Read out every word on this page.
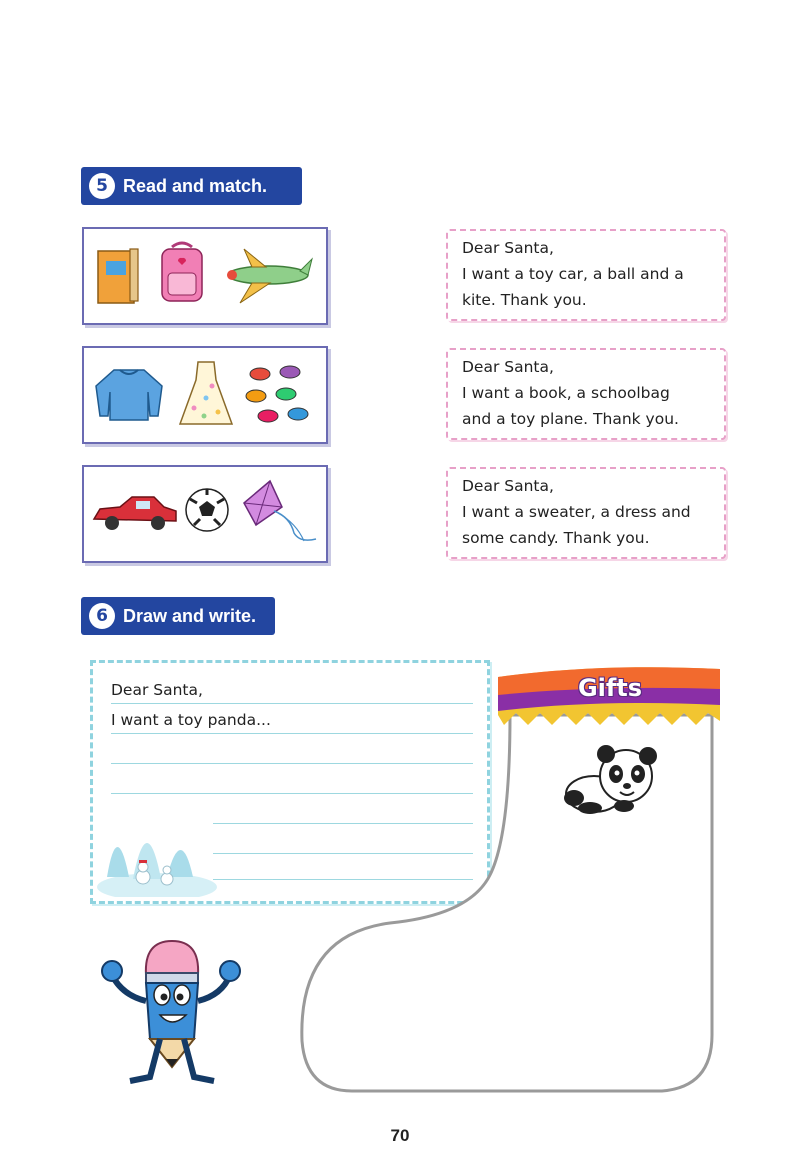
5 Read and match.
Dear Santa,
I want a toy car, a ball and a
kite. Thank you.
Dear Santa,
I want a book, a schoolbag
and a toy plane. Thank you.
Dear Santa,
I want a sweater, a dress and
some candy. Thank you.
6 Draw and write.
Dear Santa,
I want a toy panda...
Gifts
70
